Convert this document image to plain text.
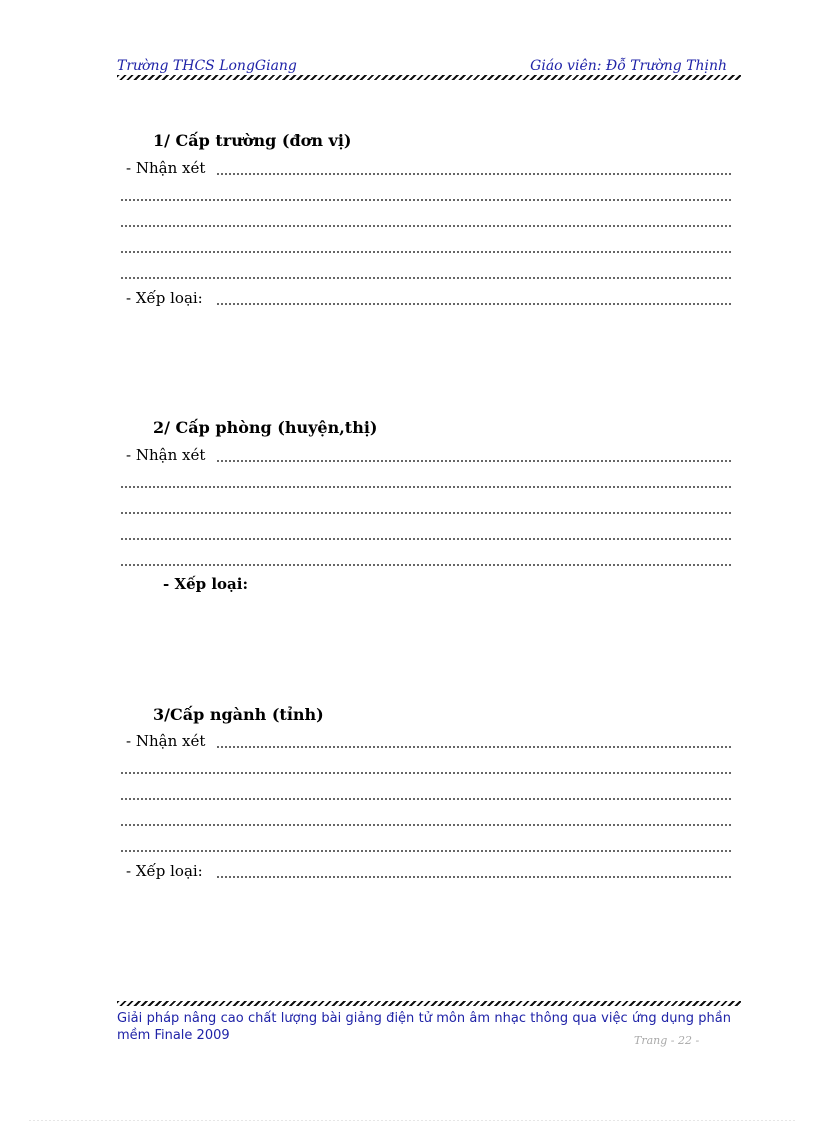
Trường THCS LongGiang	Giáo viên: Đỗ Trường Thịnh
1/ Cấp trường (đơn vị)
- Nhận xét
- Xếp loại:
2/ Cấp phòng (huyện,thị)
- Nhận xét
- Xếp loại:
3/Cấp ngành (tỉnh)
- Nhận xét
- Xếp loại:
Giải pháp nâng cao chất lượng bài giảng điện tử môn âm nhạc thông qua việc ứng dụng phần mềm Finale 2009	Trang - 22 -
